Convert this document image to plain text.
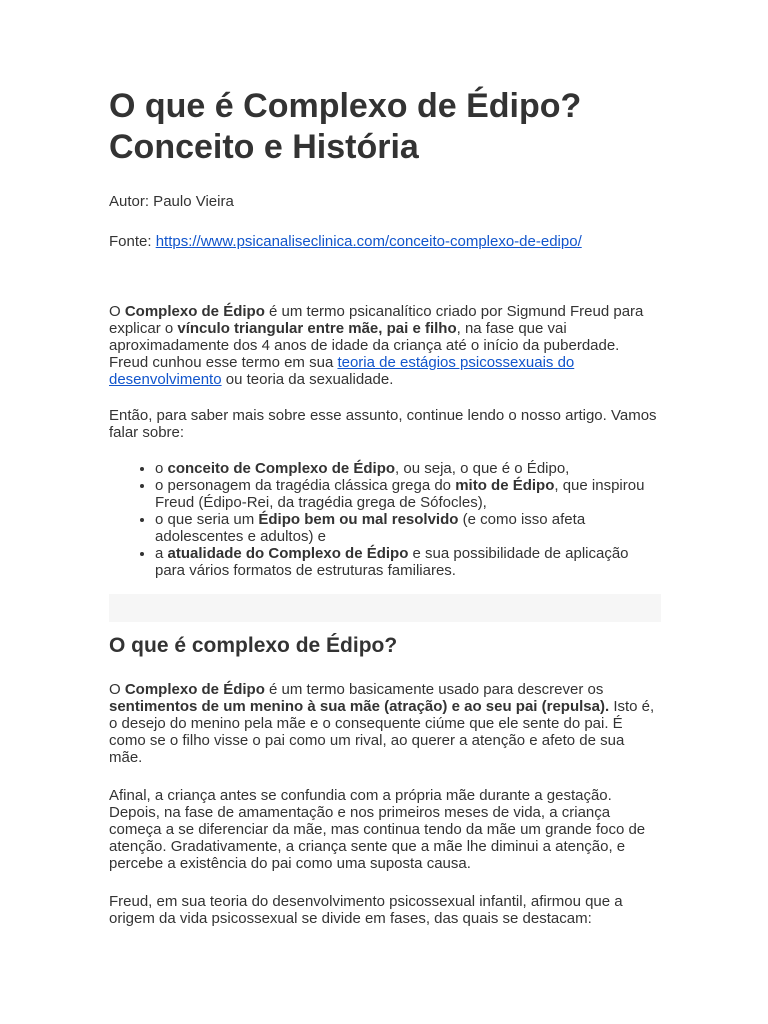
O que é Complexo de Édipo?
Conceito e História

Autor: Paulo Vieira

Fonte: https://www.psicanaliseclinica.com/conceito-complexo-de-edipo/

O Complexo de Édipo é um termo psicanalítico criado por Sigmund Freud para explicar o vínculo triangular entre mãe, pai e filho, na fase que vai aproximadamente dos 4 anos de idade da criança até o início da puberdade. Freud cunhou esse termo em sua teoria de estágios psicossexuais do desenvolvimento ou teoria da sexualidade.

Então, para saber mais sobre esse assunto, continue lendo o nosso artigo. Vamos falar sobre:

• o conceito de Complexo de Édipo, ou seja, o que é o Édipo,
• o personagem da tragédia clássica grega do mito de Édipo, que inspirou Freud (Édipo-Rei, da tragédia grega de Sófocles),
• o que seria um Édipo bem ou mal resolvido (e como isso afeta adolescentes e adultos) e
• a atualidade do Complexo de Édipo e sua possibilidade de aplicação para vários formatos de estruturas familiares.
O que é complexo de Édipo?

O Complexo de Édipo é um termo basicamente usado para descrever os sentimentos de um menino à sua mãe (atração) e ao seu pai (repulsa). Isto é, o desejo do menino pela mãe e o consequente ciúme que ele sente do pai. É como se o filho visse o pai como um rival, ao querer a atenção e afeto de sua mãe.

Afinal, a criança antes se confundia com a própria mãe durante a gestação. Depois, na fase de amamentação e nos primeiros meses de vida, a criança começa a se diferenciar da mãe, mas continua tendo da mãe um grande foco de atenção. Gradativamente, a criança sente que a mãe lhe diminui a atenção, e percebe a existência do pai como uma suposta causa.

Freud, em sua teoria do desenvolvimento psicossexual infantil, afirmou que a origem da vida psicossexual se divide em fases, das quais se destacam:
